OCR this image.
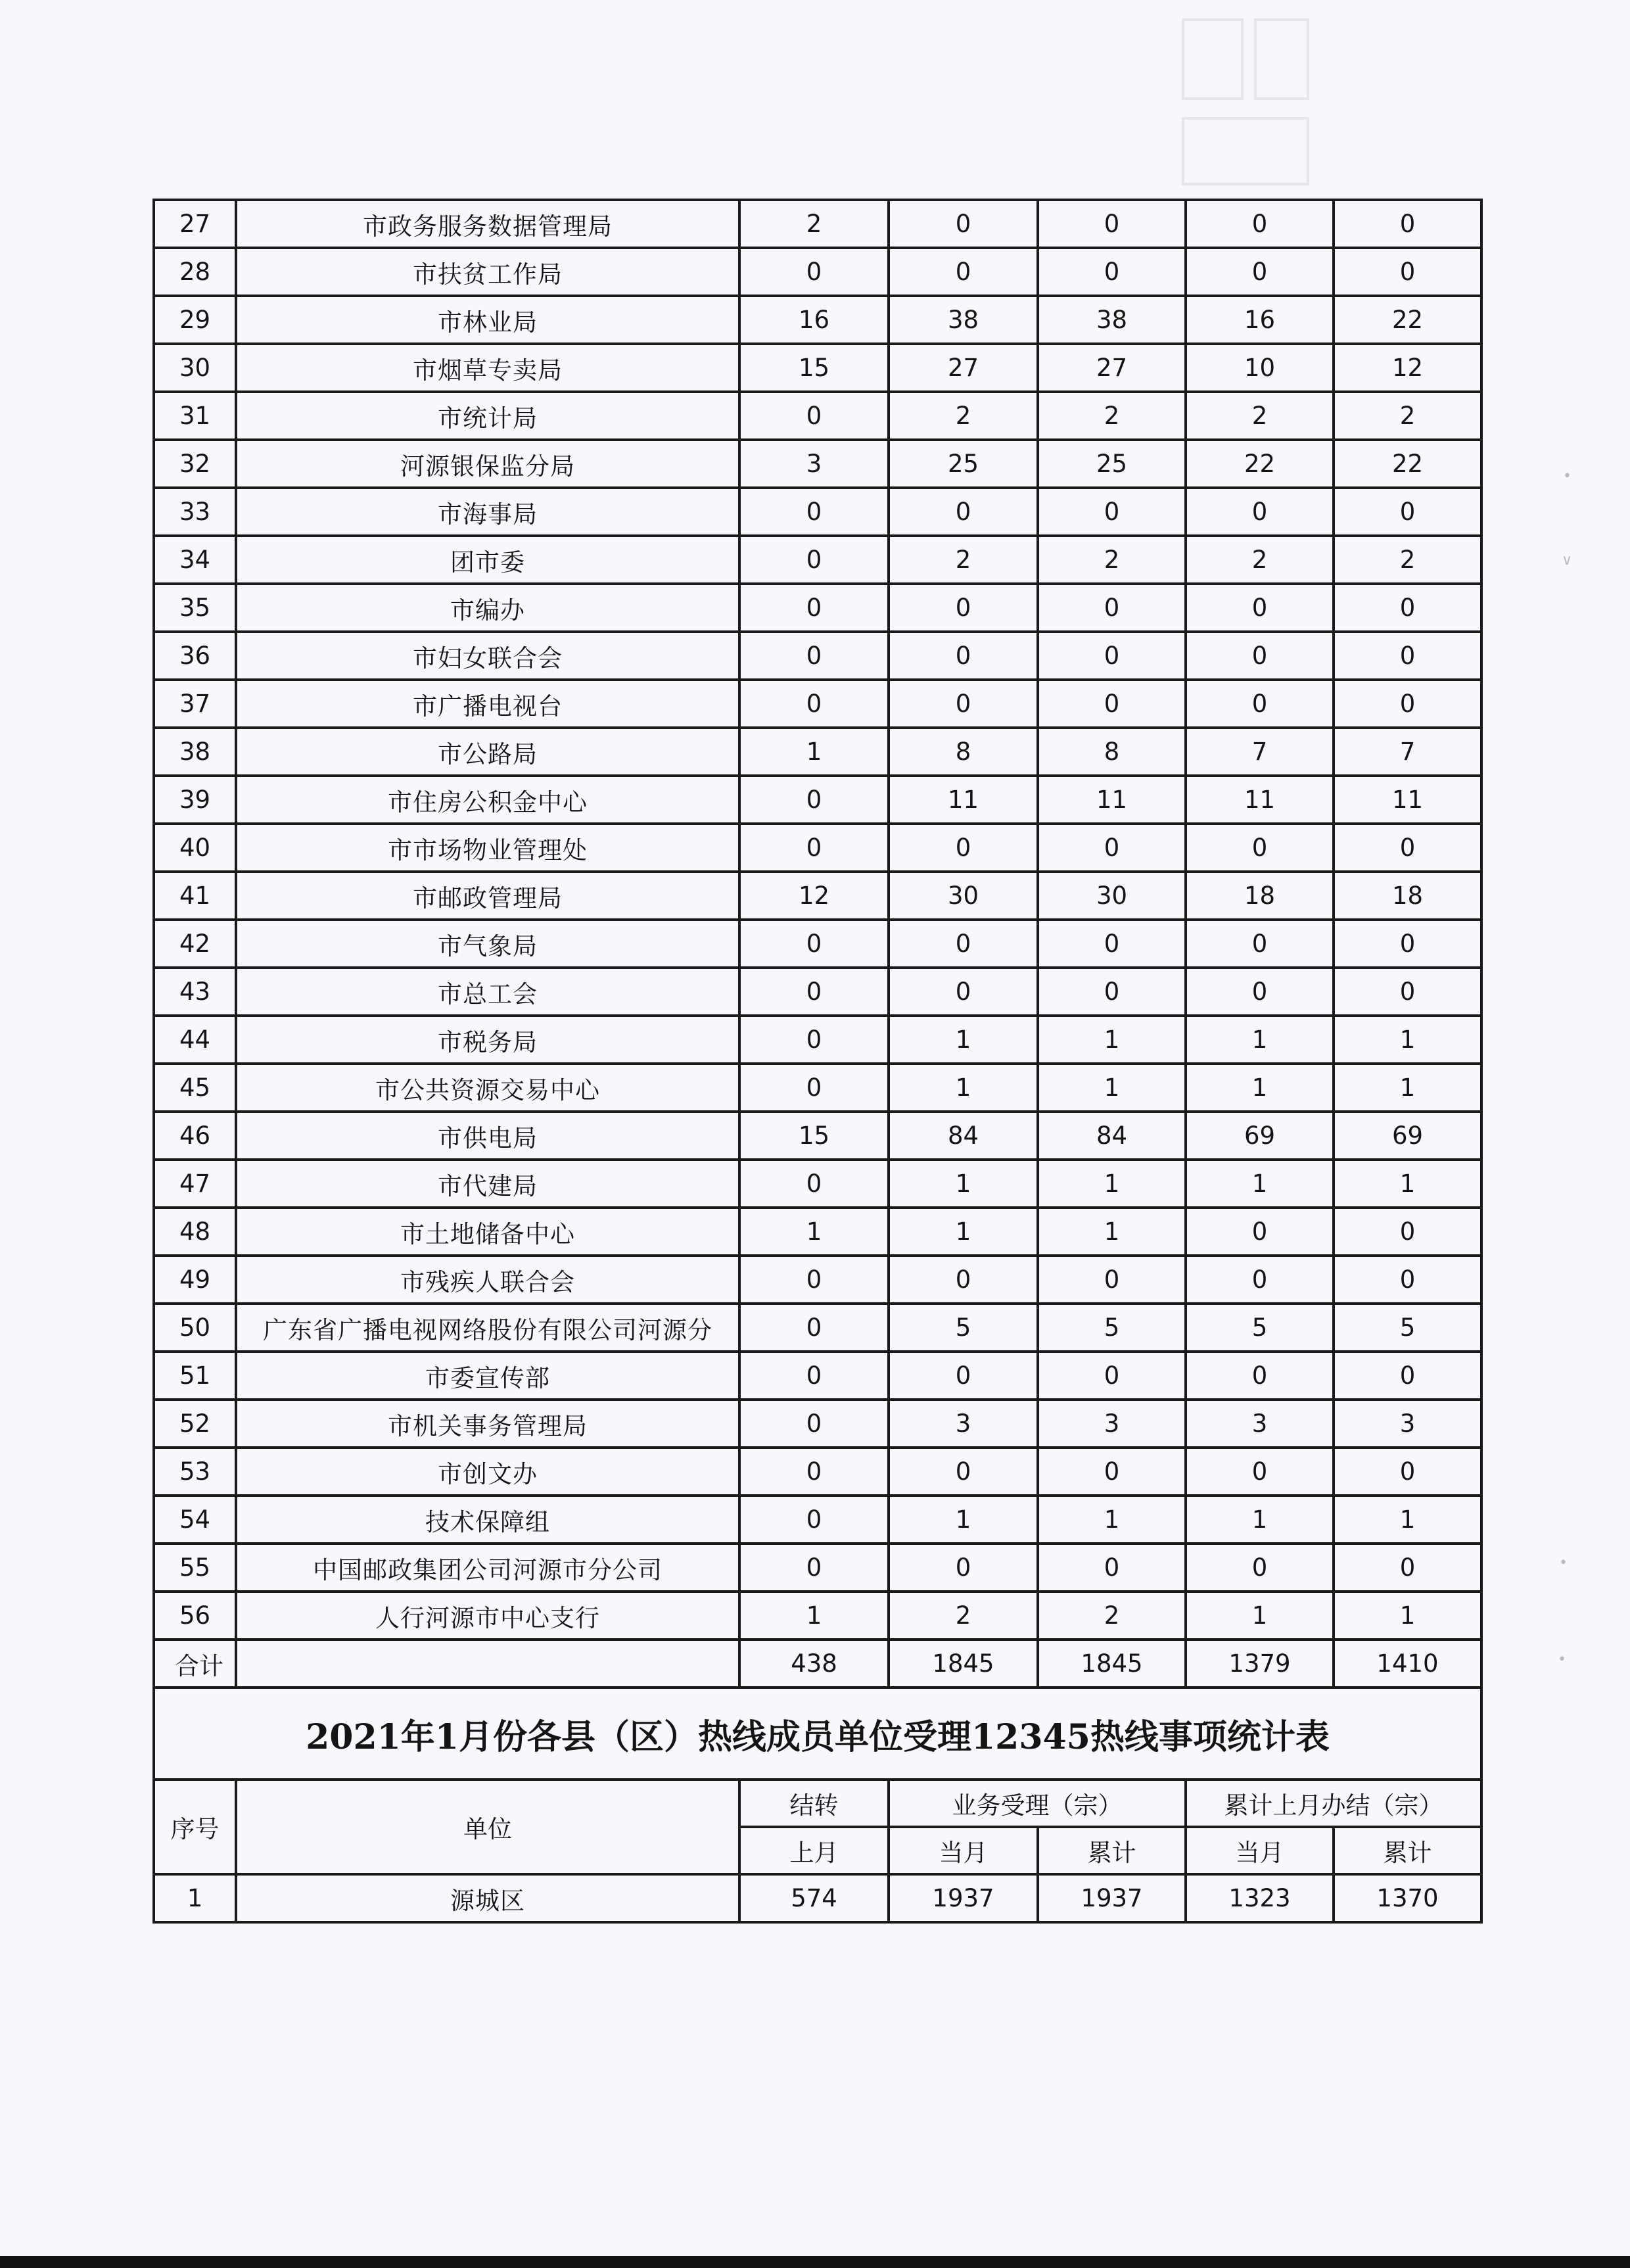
•
∨
•
•
27	市政务服务数据管理局	2	0	0	0	0
28	市扶贫工作局	0	0	0	0	0
29	市林业局	16	38	38	16	22
30	市烟草专卖局	15	27	27	10	12
31	市统计局	0	2	2	2	2
32	河源银保监分局	3	25	25	22	22
33	市海事局	0	0	0	0	0
34	团市委	0	2	2	2	2
35	市编办	0	0	0	0	0
36	市妇女联合会	0	0	0	0	0
37	市广播电视台	0	0	0	0	0
38	市公路局	1	8	8	7	7
39	市住房公积金中心	0	11	11	11	11
40	市市场物业管理处	0	0	0	0	0
41	市邮政管理局	12	30	30	18	18
42	市气象局	0	0	0	0	0
43	市总工会	0	0	0	0	0
44	市税务局	0	1	1	1	1
45	市公共资源交易中心	0	1	1	1	1
46	市供电局	15	84	84	69	69
47	市代建局	0	1	1	1	1
48	市土地储备中心	1	1	1	0	0
49	市残疾人联合会	0	0	0	0	0
50	广东省广播电视网络股份有限公司河源分	0	5	5	5	5
51	市委宣传部	0	0	0	0	0
52	市机关事务管理局	0	3	3	3	3
53	市创文办	0	0	0	0	0
54	技术保障组	0	1	1	1	1
55	中国邮政集团公司河源市分公司	0	0	0	0	0
56	人行河源市中心支行	1	2	2	1	1
合计		438	1845	1845	1379	1410
2021年1月份各县（区）热线成员单位受理12345热线事项统计表						
序号	单位	结转	业务受理（宗）		累计上月办结（宗）	
		上月	当月	累计	当月	累计
1	源城区	574	1937	1937	1323	1370
